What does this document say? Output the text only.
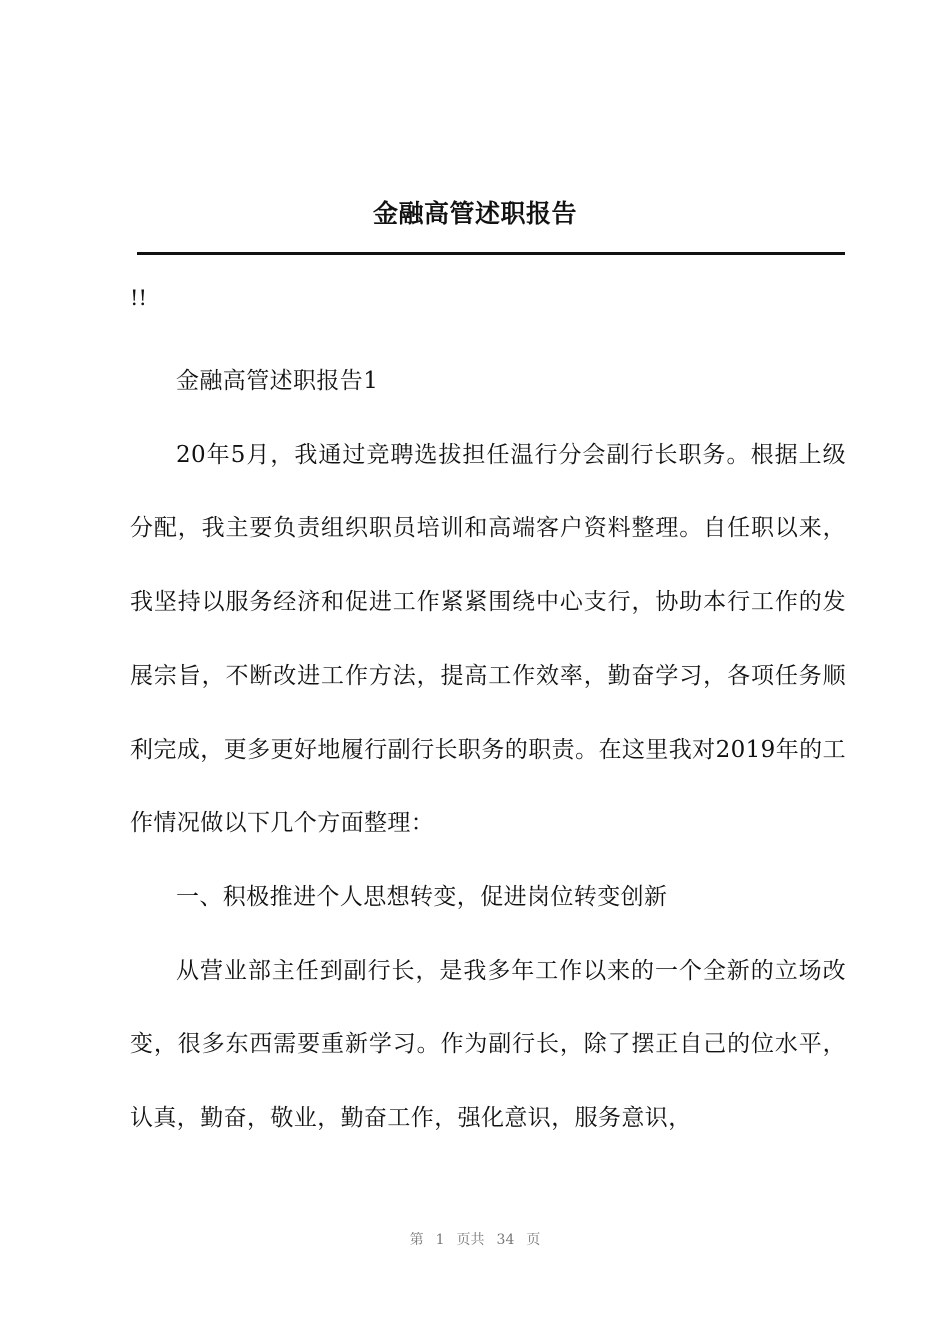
金融高管述职报告
!!

金融高管述职报告1

20年5月，我通过竞聘选拔担任温行分会副行长职务。根据上级分配，我主要负责组织职员培训和高端客户资料整理。自任职以来，我坚持以服务经济和促进工作紧紧围绕中心支行，协助本行工作的发展宗旨，不断改进工作方法，提高工作效率，勤奋学习，各项任务顺利完成，更多更好地履行副行长职务的职责。在这里我对2019年的工作情况做以下几个方面整理：

一、积极推进个人思想转变，促进岗位转变创新

从营业部主任到副行长，是我多年工作以来的一个全新的立场改变，很多东西需要重新学习。作为副行长，除了摆正自己的位水平，认真，勤奋，敬业，勤奋工作，强化意识，服务意识，

第 1 页共 34 页
